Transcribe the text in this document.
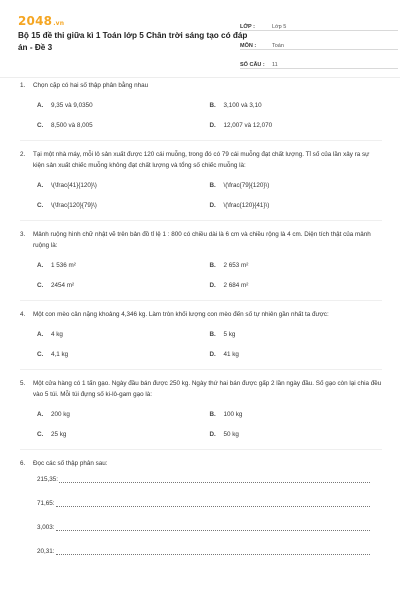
2048.vn
Bộ 15 đề thi giữa kì 1 Toán lớp 5 Chân trời sáng tạo có đáp án - Đề 3
LỚP :	Lớp 5
MÔN :	Toán
SỐ CÂU :	11
1.	Chọn cặp có hai số thập phân bằng nhau
A.	9,35 và 9,0350	B.	3,100 và 3,10
C.	8,500 và 8,005	D.	12,007 và 12,070
2.	Tại một nhà máy, mỗi lô sản xuất được 120 cái muỗng, trong đó có 79 cái muỗng đạt chất lượng. Tỉ số của lần xảy ra sự kiện sản xuất chiếc muỗng không đạt chất lượng và tổng số chiếc muỗng là:
A.	\(\frac{41}{120}\)	B.	\(\frac{79}{120}\)
C.	\(\frac{120}{79}\)	D.	\(\frac{120}{41}\)
3.	Mảnh ruộng hình chữ nhật vẽ trên bản đồ tỉ lệ 1 : 800 có chiều dài là 6 cm và chiều rộng là 4 cm. Diện tích thật của mảnh ruộng là:
A.	1 536 m²	B.	2 653 m²
C.	2454 m²	D.	2 684 m²
4.	Một con mèo cân nặng khoảng 4,346 kg. Làm tròn khối lượng con mèo đến số tự nhiên gần nhất ta được:
A.	4 kg	B.	5 kg
C.	4,1 kg	D.	41 kg
5.	Một cửa hàng có 1 tấn gạo. Ngày đầu bán được 250 kg. Ngày thứ hai bán được gấp 2 lần ngày đầu. Số gạo còn lại chia đều vào 5 túi. Mỗi túi đựng số ki-lô-gam gạo là:
A.	200 kg	B.	100 kg
C.	25 kg	D.	50 kg
6.	Đọc các số thập phân sau:
215,35:
71,65:
3,003:
20,31:
